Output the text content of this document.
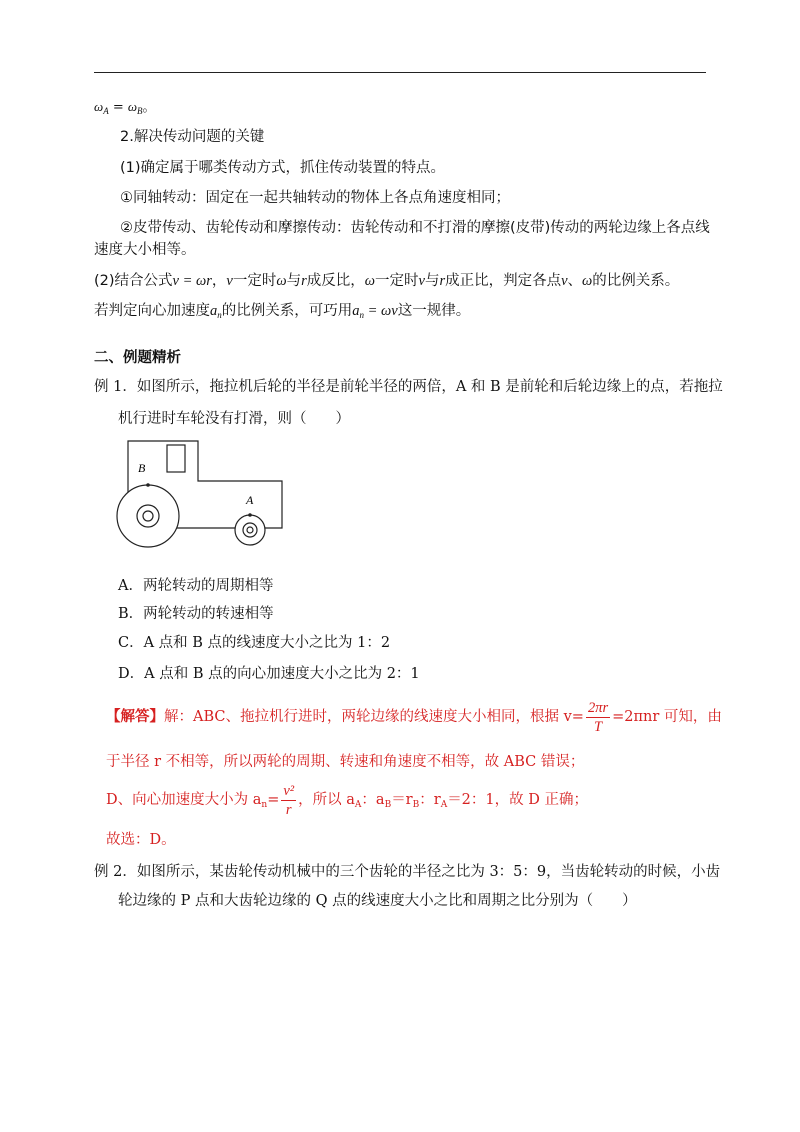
$\omega_A = \omega_B$。
2.解决传动问题的关键
(1)确定属于哪类传动方式，抓住传动装置的特点。
①同轴转动：固定在一起共轴转动的物体上各点角速度相同；
②皮带传动、齿轮传动和摩擦传动：齿轮传动和不打滑的摩擦(皮带)传动的两轮边缘上各点线
速度大小相等。
(2)结合公式v = ωr，v一定时ω与r成反比，ω一定时v与r成正比，判定各点v、ω的比例关系。
若判定向心加速度$a_n$的比例关系，可巧用$a_n = \omega v$这一规律。
二、例题精析
例 1．如图所示，拖拉机后轮的半径是前轮半径的两倍，A 和 B 是前轮和后轮边缘上的点，若拖拉
机行进时车轮没有打滑，则（　　）
B
A
A．两轮转动的周期相等
B．两轮转动的转速相等
C．A 点和 B 点的线速度大小之比为 1：2
D．A 点和 B 点的向心加速度大小之比为 2：1
【解答】解：ABC、拖拉机行进时，两轮边缘的线速度大小相同，根据 $v= \frac{2\pi r}{T} =2\pi nr$ 可知，由
于半径 r 不相等，所以两轮的周期、转速和角速度不相等，故 ABC 错误；
D、向心加速度大小为 $a_n= \frac{\text{v²}}{r}$ ，所以 $a_A$：$a_B=r_B$：$r_A=2$：1，故 D 正确；
故选：D。
例 2．如图所示，某齿轮传动机械中的三个齿轮的半径之比为 3：5：9，当齿轮转动的时候，小齿
轮边缘的 P 点和大齿轮边缘的 Q 点的线速度大小之比和周期之比分别为（　　）
